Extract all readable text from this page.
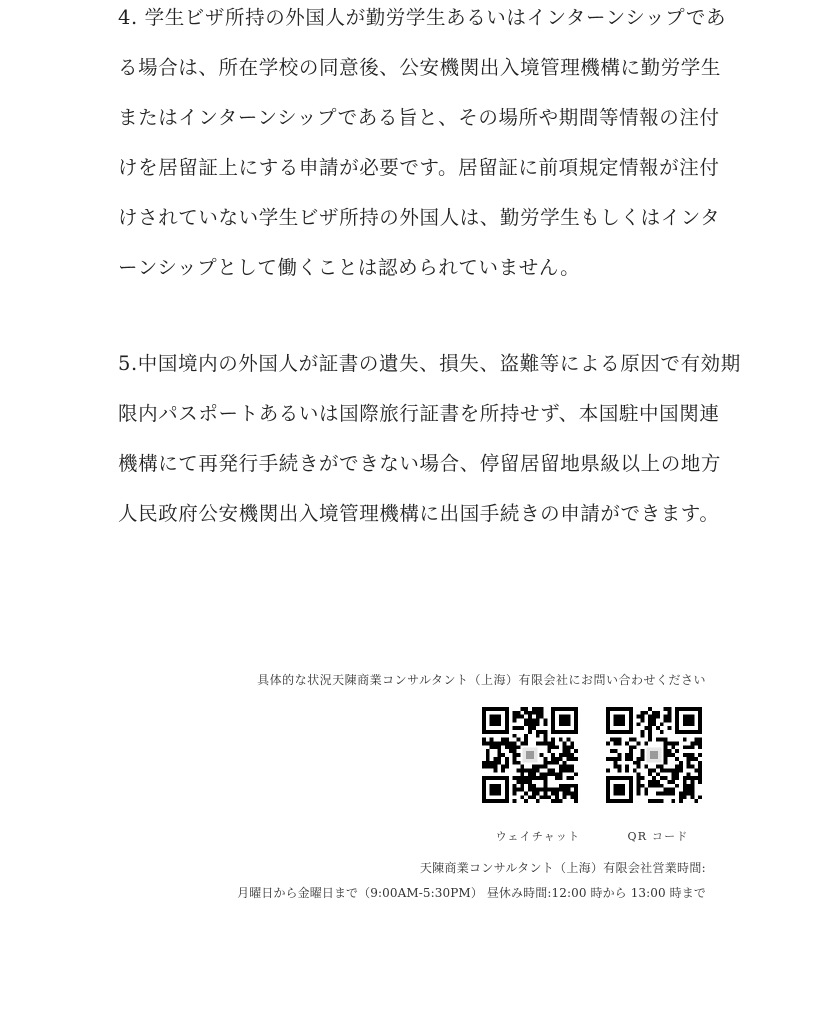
4. 学生ビザ所持の外国人が勤労学生あるいはインターンシップであ
る場合は、所在学校の同意後、公安機関出入境管理機構に勤労学生
またはインターンシップである旨と、その場所や期間等情報の注付
けを居留証上にする申請が必要です。居留証に前項規定情報が注付
けされていない学生ビザ所持の外国人は、勤労学生もしくはインタ
ーンシップとして働くことは認められていません。
5.中国境内の外国人が証書の遺失、損失、盗難等による原因で有効期
限内パスポートあるいは国際旅行証書を所持せず、本国駐中国関連
機構にて再発行手続きができない場合、停留居留地県級以上の地方
人民政府公安機関出入境管理機構に出国手続きの申請ができます。
具体的な状況天陳商業コンサルタント（上海）有限会社にお問い合わせください
ウェイチャット	QR コード
天陳商業コンサルタント（上海）有限会社営業時間:
月曜日から金曜日まで（9:00AM-5:30PM） 昼休み時間:12:00 時から 13:00 時まで
